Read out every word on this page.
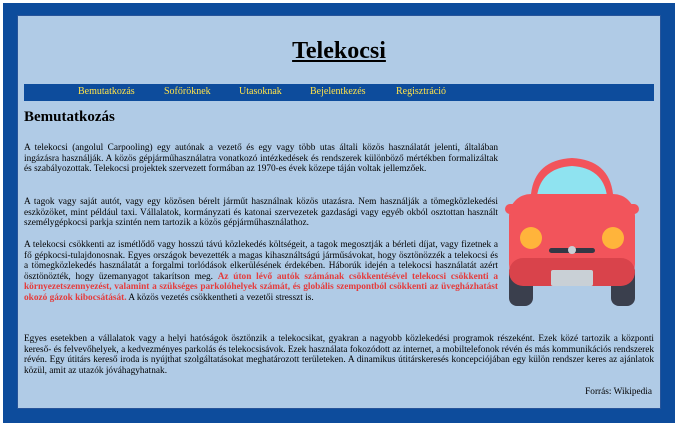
Telekocsi
Bemutatkozás	Sofőröknek	Utasoknak	Bejelentkezés	Regisztráció
Bemutatkozás

A telekocsi (angolul Carpooling) egy autónak a vezető és egy vagy több utas általi közös használatát jelenti, általában ingázásra használják. A közös gépjárműhasználatra vonatkozó intézkedések és rendszerek különböző mértékben formalizáltak és szabályozottak. Telekocsi projektek szervezett formában az 1970-es évek közepe táján voltak jellemzőek.

A tagok vagy saját autót, vagy egy közösen bérelt járműt használnak közös utazásra. Nem használják a tömegközlekedési eszközöket, mint például taxi. Vállalatok, kormányzati és katonai szervezetek gazdasági vagy egyéb okból osztottan használt személygépkocsi parkja szintén nem tartozik a közös gépjárműhasználathoz.

A telekocsi csökkenti az ismétlődő vagy hosszú távú közlekedés költségeit, a tagok megosztják a bérleti díjat, vagy fizetnek a fő gépkocsi-tulajdonosnak. Egyes országok bevezették a magas kihasználtságú járműsávokat, hogy ösztönözzék a telekocsi és a tömegközlekedés használatát a forgalmi torlódások elkerülésének érdekében. Háborúk idején a telekocsi használatát azért ösztönözték, hogy üzemanyagot takarítson meg. Az úton lévő autók számának csökkentésével telekocsi csökkenti a környezetszennyezést, valamint a szükséges parkolóhelyek számát, és globális szempontból csökkenti az üvegházhatást okozó gázok kibocsátását. A közös vezetés csökkentheti a vezetői stresszt is.

Egyes esetekben a vállalatok vagy a helyi hatóságok ösztönzik a telekocsikat, gyakran a nagyobb közlekedési programok részeként. Ezek közé tartozik a központi kereső- és felvevőhelyek, a kedvezményes parkolás és telekocsisávok. Ezek használata fokozódott az internet, a mobiltelefonok révén és más kommunikációs rendszerek révén. Egy útitárs kereső iroda is nyújthat szolgáltatásokat meghatározott területeken. A dinamikus útitárskeresés koncepciójában egy külön rendszer keres az ajánlatok közül, amit az utazók jóváhagyhatnak.

Forrás: Wikipedia
